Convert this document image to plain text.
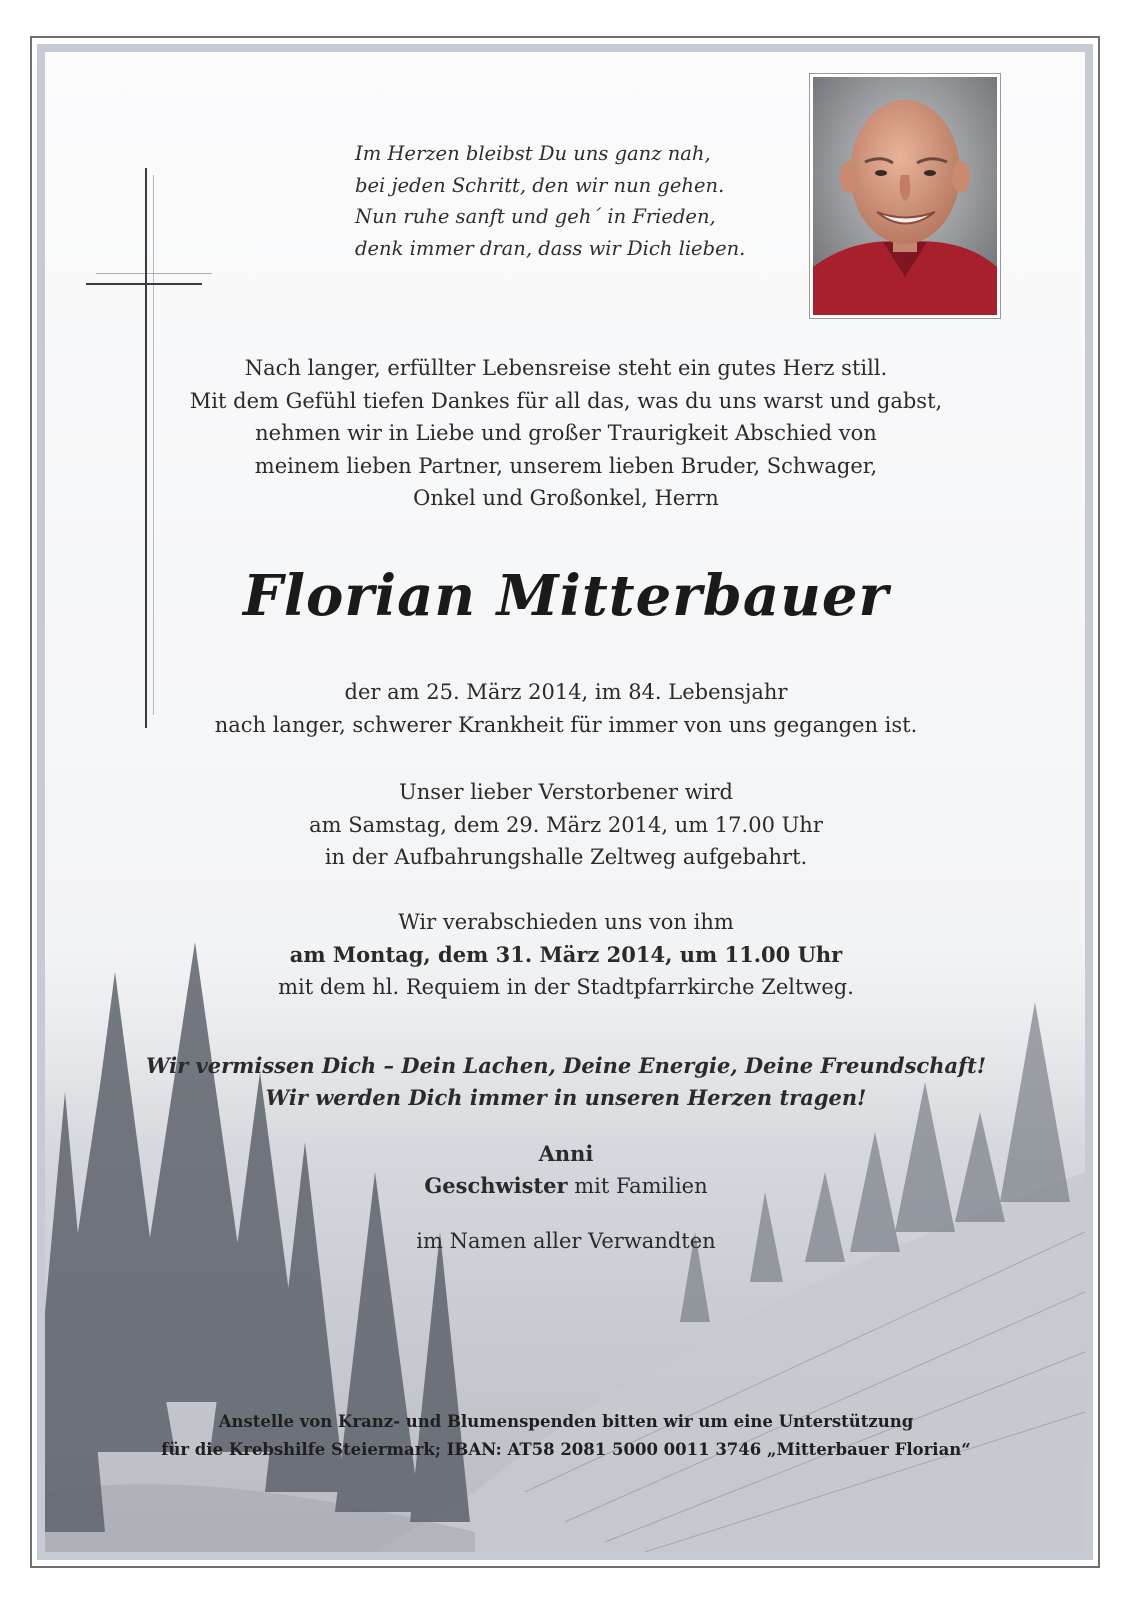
Im Herzen bleibst Du uns ganz nah,
bei jeden Schritt, den wir nun gehen.
Nun ruhe sanft und geh´ in Frieden,
denk immer dran, dass wir Dich lieben.
Nach langer, erfüllter Lebensreise steht ein gutes Herz still.
Mit dem Gefühl tiefen Dankes für all das, was du uns warst und gabst,
nehmen wir in Liebe und großer Traurigkeit Abschied von
meinem lieben Partner, unserem lieben Bruder, Schwager,
Onkel und Großonkel, Herrn
Florian Mitterbauer
der am 25. März 2014, im 84. Lebensjahr
nach langer, schwerer Krankheit für immer von uns gegangen ist.
Unser lieber Verstorbener wird
am Samstag, dem 29. März 2014, um 17.00 Uhr
in der Aufbahrungshalle Zeltweg aufgebahrt.
Wir verabschieden uns von ihm
am Montag, dem 31. März 2014, um 11.00 Uhr
mit dem hl. Requiem in der Stadtpfarrkirche Zeltweg.
Wir vermissen Dich – Dein Lachen, Deine Energie, Deine Freundschaft!
Wir werden Dich immer in unseren Herzen tragen!
Anni
Geschwister mit Familien
im Namen aller Verwandten
Anstelle von Kranz- und Blumenspenden bitten wir um eine Unterstützung
für die Krebshilfe Steiermark; IBAN: AT58 2081 5000 0011 3746 „Mitterbauer Florian“
